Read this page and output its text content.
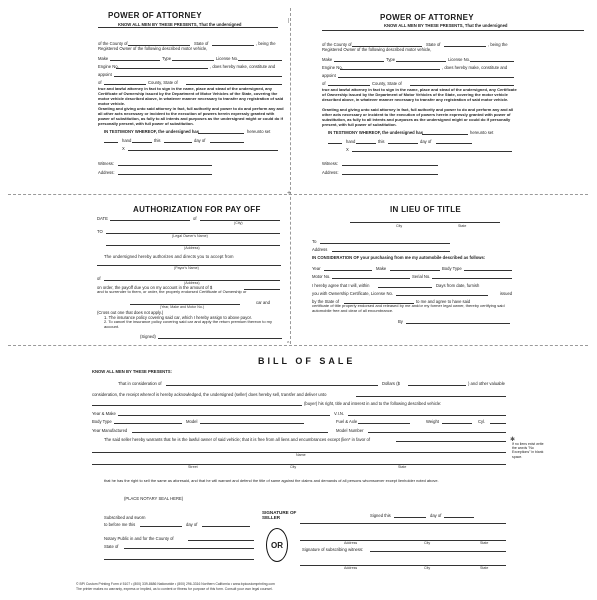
+
|
^
POWER OF ATTORNEY
KNOW ALL MEN BY THESE PRESENTS, That the undersigned
of the County of	State of	, being the
Registered Owner of the following described motor vehicle,
Make	Type	License No.
Engine No.	, does hereby make, constitute and
appoint
of	County, State of
true and lawful attorney in fact to sign in the name, place and stead of the undersigned, any Certificate of Ownership issued by the Department of Motor Vehicles of the State, covering the motor vehicle described above, in whatever manner necessary to transfer any registration of said motor vehicle.
Granting and giving unto said attorney in fact, full authority and power to do and perform any and all other acts necessary or incident to the execution of powers herein expressly granted with power of substitution, as fully to all intents and purposes as the undersigned might or could do if personally present, with full power of substitution.
IN TESTIMONY WHEREOF, the undersigned has	hereunto set
hand	this	day of
X
Witness:
Address:
POWER OF ATTORNEY
KNOW ALL MEN BY THESE PRESENTS, That the undersigned
of the County of	State of	, being the
Registered Owner of the following described motor vehicle,
Make	Type	License No.
Engine No.	, does hereby make, constitute and
appoint
of	County, State of
true and lawful attorney in fact to sign in the name, place and stead of the undersigned, any Certificate of Ownership issued by the Department of Motor Vehicles of the State, covering the motor vehicle described above, in whatever manner necessary to transfer any registration of said motor vehicle.
Granting and giving unto said attorney in fact, full authority and power to do and perform any and all other acts necessary or incident to the execution of powers herein expressly granted with power of substitution, as fully to all intents and purposes as the undersigned might or could do if personally present, with full power of substitution.
IN TESTIMONY WHEREOF, the undersigned has	hereunto set
hand	this	day of
X
Witness:
Address:
AUTHORIZATION FOR PAY OFF
DATE	of
(City)
TO
(Legal Owner's Name)
(Address)
The undersigned hereby authorizes and directs you to accept from
(Payor's Name)
of
(Address)
on order, the payoff due you on my account in the amount of $
and to surrender to them, or order, the properly endorsed Certificate of Ownership or
car and
(Year, Make and Motor No.)
(Cross out one that does not apply.)
1. The insurance policy covering said car, which I hereby assign to above payor.
2. To cancel the insurance policy covering said car and apply the return premium thereon to my account.
(Signed)
IN LIEU OF TITLE
City	State
To
Address
IN CONSIDERATION OF your purchasing from me my automobile described as follows:
Year	Make	Body Type
Motor No.	Serial No.
I hereby agree that I will, within	Days from date, furnish
you with Ownership Certificate, License No.	issued
by the State of	to me and agree to have said
certificate of title properly endorsed and released by me and/or my former legal owner, thereby certifying said automobile free and clear of all encumbrance.
By
BILL OF SALE
KNOW ALL MEN BY THESE PRESENTS:
That in consideration of	Dollars ($	) and other valuable
consideration, the receipt whereof is hereby acknowledged, the undersigned (seller) does hereby sell, transfer and deliver unto
(buyer) his right, title and interest in and to the following described vehicle:
Year & Make	V.I.N.
Body Type	Model	Fuel & Axle	Weight	Cyl.
Year Manufactured	Model Number
The said seller hereby warrants that he is the lawful owner of said vehicle; that it is free from all liens and encumbrances except (lien* in favor of
Name
Street	City	State
✱
If no liens exist write the words "No Exceptions" in blank space.
that he has the right to sell the same as aforesaid, and that he will warrant and defend the title of same against the claims and demands of all persons whomsoever except lienholder noted above.
(PLACE NOTARY SEAL HERE)
Subscribed and sworn
to before me this	day of
Notary Public in and for the County of
State of
SIGNATURE OF SELLER
OR
Signed this	day of
Address	City	State
Signature of subscribing witness:
Address	City	State
© BPI Custom Printing Form # 5107 • (800) 339-8686 Nationwide • (800) 296-3316 Northern California • www.bpicustomprinting.com
The printer makes no warranty, express or implied, as to content or fitness for purpose of this form. Consult your own legal counsel.
